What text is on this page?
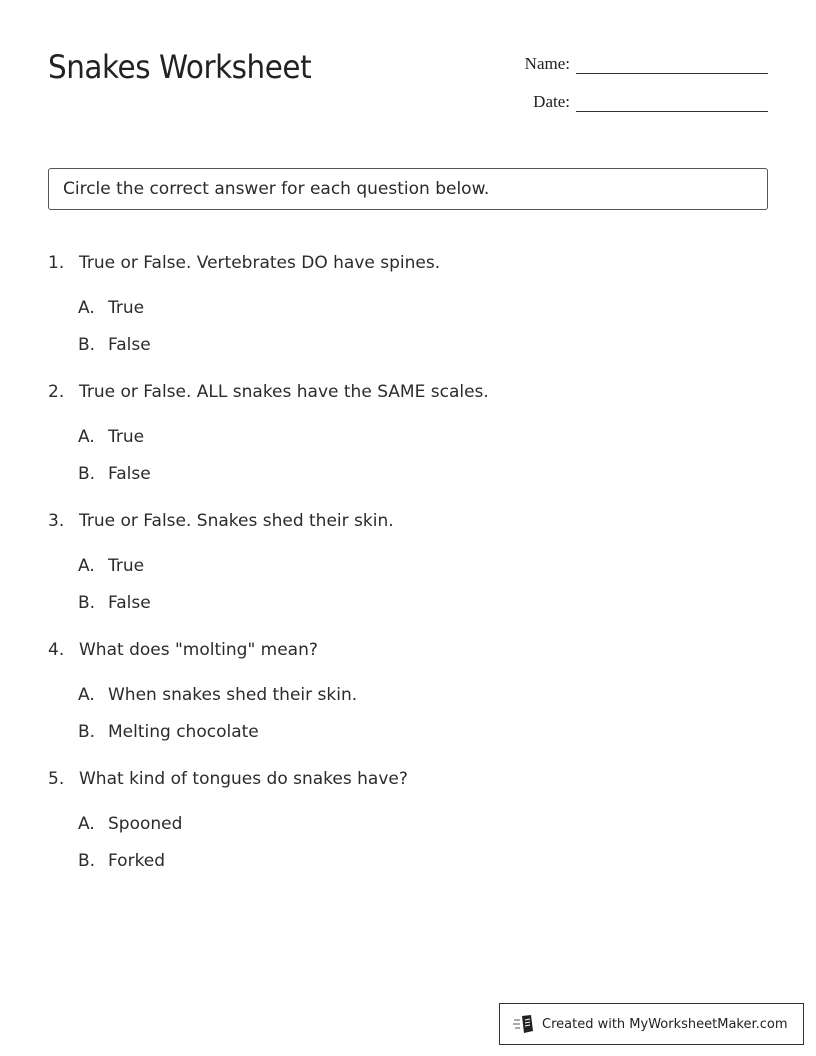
Snakes Worksheet	Name:
Date:
Circle the correct answer for each question below.
1. True or False. Vertebrates DO have spines.
A. True
B. False
2. True or False. ALL snakes have the SAME scales.
A. True
B. False
3. True or False. Snakes shed their skin.
A. True
B. False
4. What does "molting" mean?
A. When snakes shed their skin.
B. Melting chocolate
5. What kind of tongues do snakes have?
A. Spooned
B. Forked
Created with MyWorksheetMaker.com
